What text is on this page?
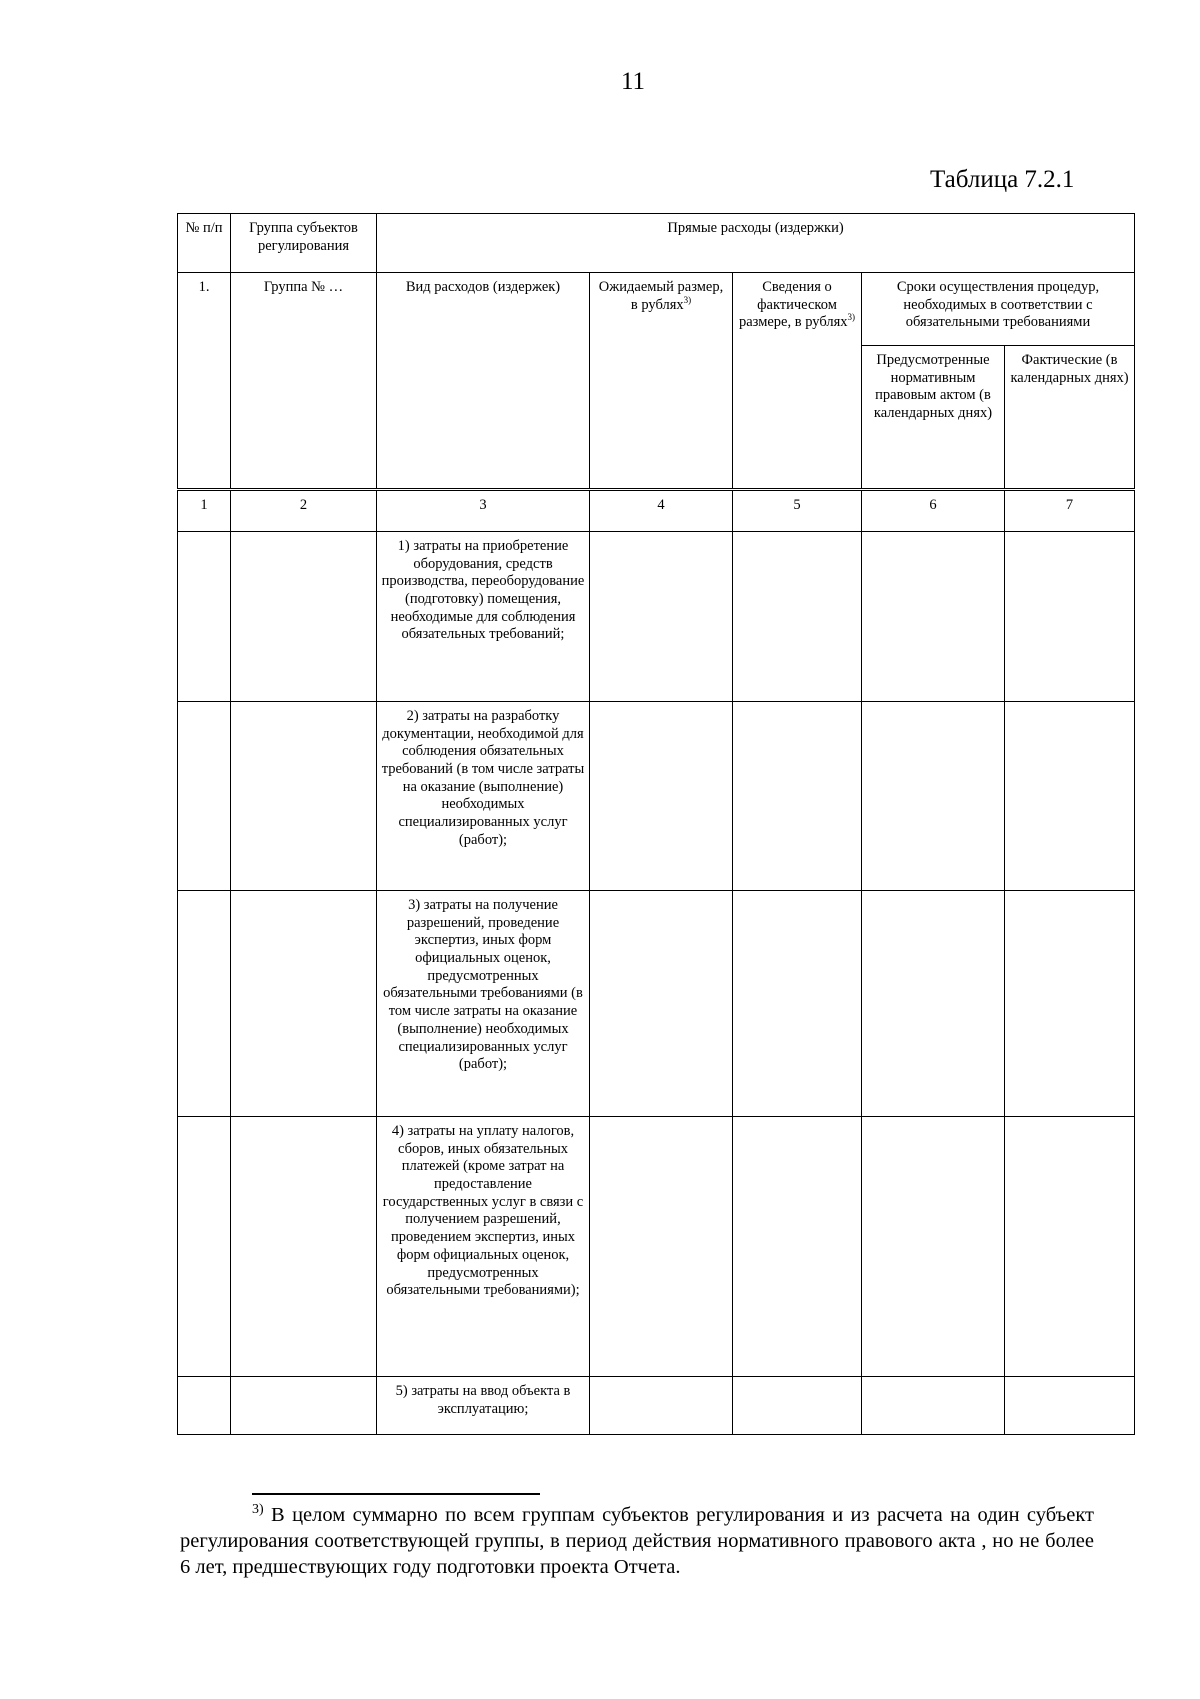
11
Таблица 7.2.1
№ п/п	Группа субъектов регулирования	Прямые расходы (издержки)				
1.	Группа № …	Вид расходов (издержек)	Ожидаемый размер, в рублях$^{3)}$	Сведения о фактическом размере, в рублях$^{3)}$	Сроки осуществления процедур, необходимых в соответствии с обязательными требованиями	
					Предусмотренные нормативным правовым актом (в календарных днях)	Фактические (в календарных днях)
1	2	3	4	5	6	7
		1) затраты на приобретение оборудования, средств производства, переоборудование (подготовку) помещения, необходимые для соблюдения обязательных требований;				
		2) затраты на разработку документации, необходимой для соблюдения обязательных требований (в том числе затраты на оказание (выполнение) необходимых специализированных услуг (работ);				
		3) затраты на получение разрешений, проведение экспертиз, иных форм официальных оценок, предусмотренных обязательными требованиями (в том числе затраты на оказание (выполнение) необходимых специализированных услуг (работ);				
		4) затраты на уплату налогов, сборов, иных обязательных платежей (кроме затрат на предоставление государственных услуг в связи с получением разрешений, проведением экспертиз, иных форм официальных оценок, предусмотренных обязательными требованиями);				
		5) затраты на ввод объекта в эксплуатацию;				
$^{3)}$ В целом суммарно по всем группам субъектов регулирования и из расчета на один субъект регулирования соответствующей группы, в период действия нормативного правового акта , но не более 6 лет, предшествующих году подготовки проекта Отчета.
